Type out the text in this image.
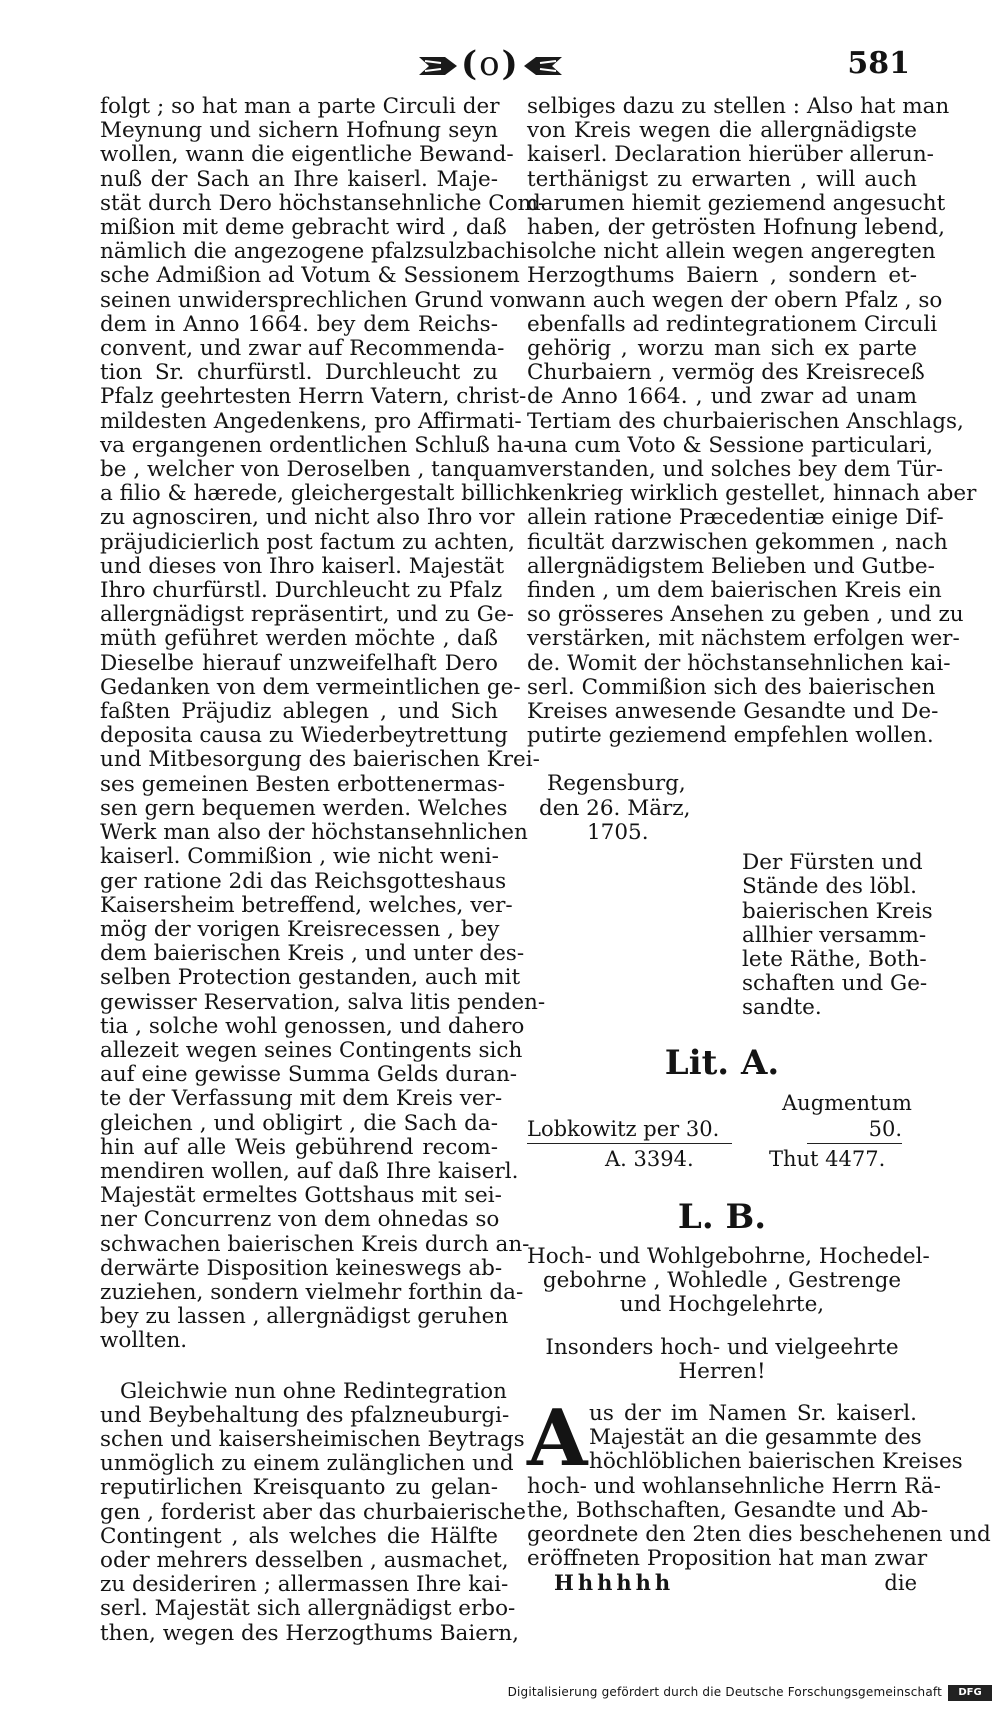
(o)	581
folgt ; so hat man a parte Circuli der
Meynung und sichern Hofnung seyn
wollen, wann die eigentliche Bewand-
nuß der Sach an Ihre kaiserl. Maje-
stät durch Dero höchstansehnliche Com-
mißion mit deme gebracht wird , daß
nämlich die angezogene pfalzsulzbachi-
sche Admißion ad Votum & Sessionem
seinen unwidersprechlichen Grund von
dem in Anno 1664. bey dem Reichs-
convent, und zwar auf Recommenda-
tion Sr. churfürstl. Durchleucht zu
Pfalz geehrtesten Herrn Vatern, christ-
mildesten Angedenkens, pro Affirmati-
va ergangenen ordentlichen Schluß ha-
be , welcher von Deroselben , tanquam
a filio & hærede, gleichergestalt billich
zu agnosciren, und nicht also Ihro vor
präjudicierlich post factum zu achten,
und dieses von Ihro kaiserl. Majestät
Ihro churfürstl. Durchleucht zu Pfalz
allergnädigst repräsentirt, und zu Ge-
müth geführet werden möchte , daß
Dieselbe hierauf unzweifelhaft Dero
Gedanken von dem vermeintlichen ge-
faßten Präjudiz ablegen , und Sich
deposita causa zu Wiederbeytrettung
und Mitbesorgung des baierischen Krei-
ses gemeinen Besten erbottenermas-
sen gern bequemen werden. Welches
Werk man also der höchstansehnlichen
kaiserl. Commißion , wie nicht weni-
ger ratione 2di das Reichsgotteshaus
Kaisersheim betreffend, welches, ver-
mög der vorigen Kreisrecessen , bey
dem baierischen Kreis , und unter des-
selben Protection gestanden, auch mit
gewisser Reservation, salva litis penden-
tia , solche wohl genossen, und dahero
allezeit wegen seines Contingents sich
auf eine gewisse Summa Gelds duran-
te der Verfassung mit dem Kreis ver-
gleichen , und obligirt , die Sach da-
hin auf alle Weis gebührend recom-
mendiren wollen, auf daß Ihre kaiserl.
Majestät ermeltes Gottshaus mit sei-
ner Concurrenz von dem ohnedas so
schwachen baierischen Kreis durch an-
derwärte Disposition keineswegs ab-
zuziehen, sondern vielmehr forthin da-
bey zu lassen , allergnädigst geruhen
wollten.
Gleichwie nun ohne Redintegration
und Beybehaltung des pfalzneuburgi-
schen und kaisersheimischen Beytrags
unmöglich zu einem zulänglichen und
reputirlichen Kreisquanto zu gelan-
gen , forderist aber das churbaierische
Contingent , als welches die Hälfte
oder mehrers desselben , ausmachet,
zu desideriren ; allermassen Ihre kai-
serl. Majestät sich allergnädigst erbo-
then, wegen des Herzogthums Baiern,
selbiges dazu zu stellen : Also hat man
von Kreis wegen die allergnädigste
kaiserl. Declaration hierüber allerun-
terthänigst zu erwarten , will auch
darumen hiemit geziemend angesucht
haben, der getrösten Hofnung lebend,
solche nicht allein wegen angeregten
Herzogthums Baiern , sondern et-
wann auch wegen der obern Pfalz , so
ebenfalls ad redintegrationem Circuli
gehörig , worzu man sich ex parte
Churbaiern , vermög des Kreisreceß
de Anno 1664. , und zwar ad unam
Tertiam des churbaierischen Anschlags,
una cum Voto & Sessione particulari,
verstanden, und solches bey dem Tür-
kenkrieg wirklich gestellet, hinnach aber
allein ratione Præcedentiæ einige Dif-
ficultät darzwischen gekommen , nach
allergnädigstem Belieben und Gutbe-
finden , um dem baierischen Kreis ein
so grösseres Ansehen zu geben , und zu
verstärken, mit nächstem erfolgen wer-
de. Womit der höchstansehnlichen kai-
serl. Commißion sich des baierischen
Kreises anwesende Gesandte und De-
putirte geziemend empfehlen wollen.
Regensburg,
den 26. März,
1705.
Der Fürsten und
Stände des löbl.
baierischen Kreis
allhier versamm-
lete Räthe, Both-
schaften und Ge-
sandte.
Lit. A.
Augmentum
Lobkowitz per 30.	50.
A. 3394.	Thut 4477.
L. B.
Hoch- und Wohlgebohrne, Hochedel-
gebohrne , Wohledle , Gestrenge
und Hochgelehrte,
Insonders hoch- und vielgeehrte
Herren!
A us der im Namen Sr. kaiserl.
Majestät an die gesammte des
höchlöblichen baierischen Kreises
hoch- und wohlansehnliche Herrn Rä-
the, Bothschaften, Gesandte und Ab-
geordnete den 2ten dies beschehenen und
eröffneten Proposition hat man zwar
Hhhhhh	die
Digitalisierung gefördert durch die Deutsche Forschungsgemeinschaft	DFG
